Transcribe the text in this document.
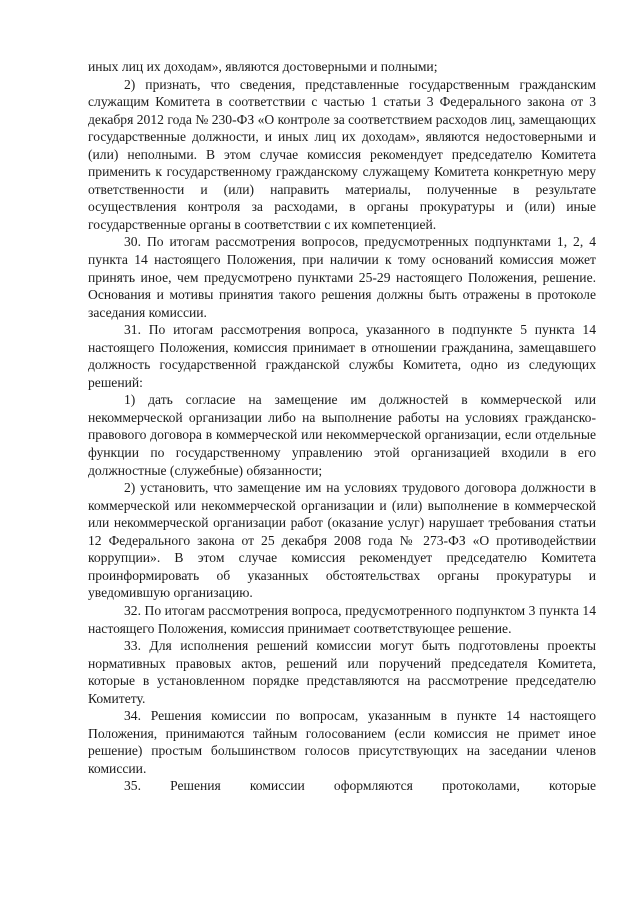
иных лиц их доходам», являются достоверными и полными;

2) признать, что сведения, представленные государственным гражданским служащим Комитета в соответствии с частью 1 статьи 3 Федерального закона от 3 декабря 2012 года № 230-ФЗ «О контроле за соответствием расходов лиц, замещающих государственные должности, и иных лиц их доходам», являются недостоверными и (или) неполными. В этом случае комиссия рекомендует председателю Комитета применить к государственному гражданскому служащему Комитета конкретную меру ответственности и (или) направить материалы, полученные в результате осуществления контроля за расходами, в органы прокуратуры и (или) иные государственные органы в соответствии с их компетенцией.

30. По итогам рассмотрения вопросов, предусмотренных подпунктами 1, 2, 4 пункта 14 настоящего Положения, при наличии к тому оснований комиссия может принять иное, чем предусмотрено пунктами 25-29 настоящего Положения, решение. Основания и мотивы принятия такого решения должны быть отражены в протоколе заседания комиссии.

31. По итогам рассмотрения вопроса, указанного в подпункте 5 пункта 14 настоящего Положения, комиссия принимает в отношении гражданина, замещавшего должность государственной гражданской службы Комитета, одно из следующих решений:

1) дать согласие на замещение им должностей в коммерческой или некоммерческой организации либо на выполнение работы на условиях гражданско-правового договора в коммерческой или некоммерческой организации, если отдельные функции по государственному управлению этой организацией входили в его должностные (служебные) обязанности;

2) установить, что замещение им на условиях трудового договора должности в коммерческой или некоммерческой организации и (или) выполнение в коммерческой или некоммерческой организации работ (оказание услуг) нарушает требования статьи 12 Федерального закона от 25 декабря 2008 года № 273-ФЗ «О противодействии коррупции». В этом случае комиссия рекомендует председателю Комитета проинформировать об указанных обстоятельствах органы прокуратуры и уведомившую организацию.

32. По итогам рассмотрения вопроса, предусмотренного подпунктом 3 пункта 14 настоящего Положения, комиссия принимает соответствующее решение.

33. Для исполнения решений комиссии могут быть подготовлены проекты нормативных правовых актов, решений или поручений председателя Комитета, которые в установленном порядке представляются на рассмотрение председателю Комитету.

34. Решения комиссии по вопросам, указанным в пункте 14 настоящего Положения, принимаются тайным голосованием (если комиссия не примет иное решение) простым большинством голосов присутствующих на заседании членов комиссии.

35. Решения комиссии оформляются протоколами, которые
